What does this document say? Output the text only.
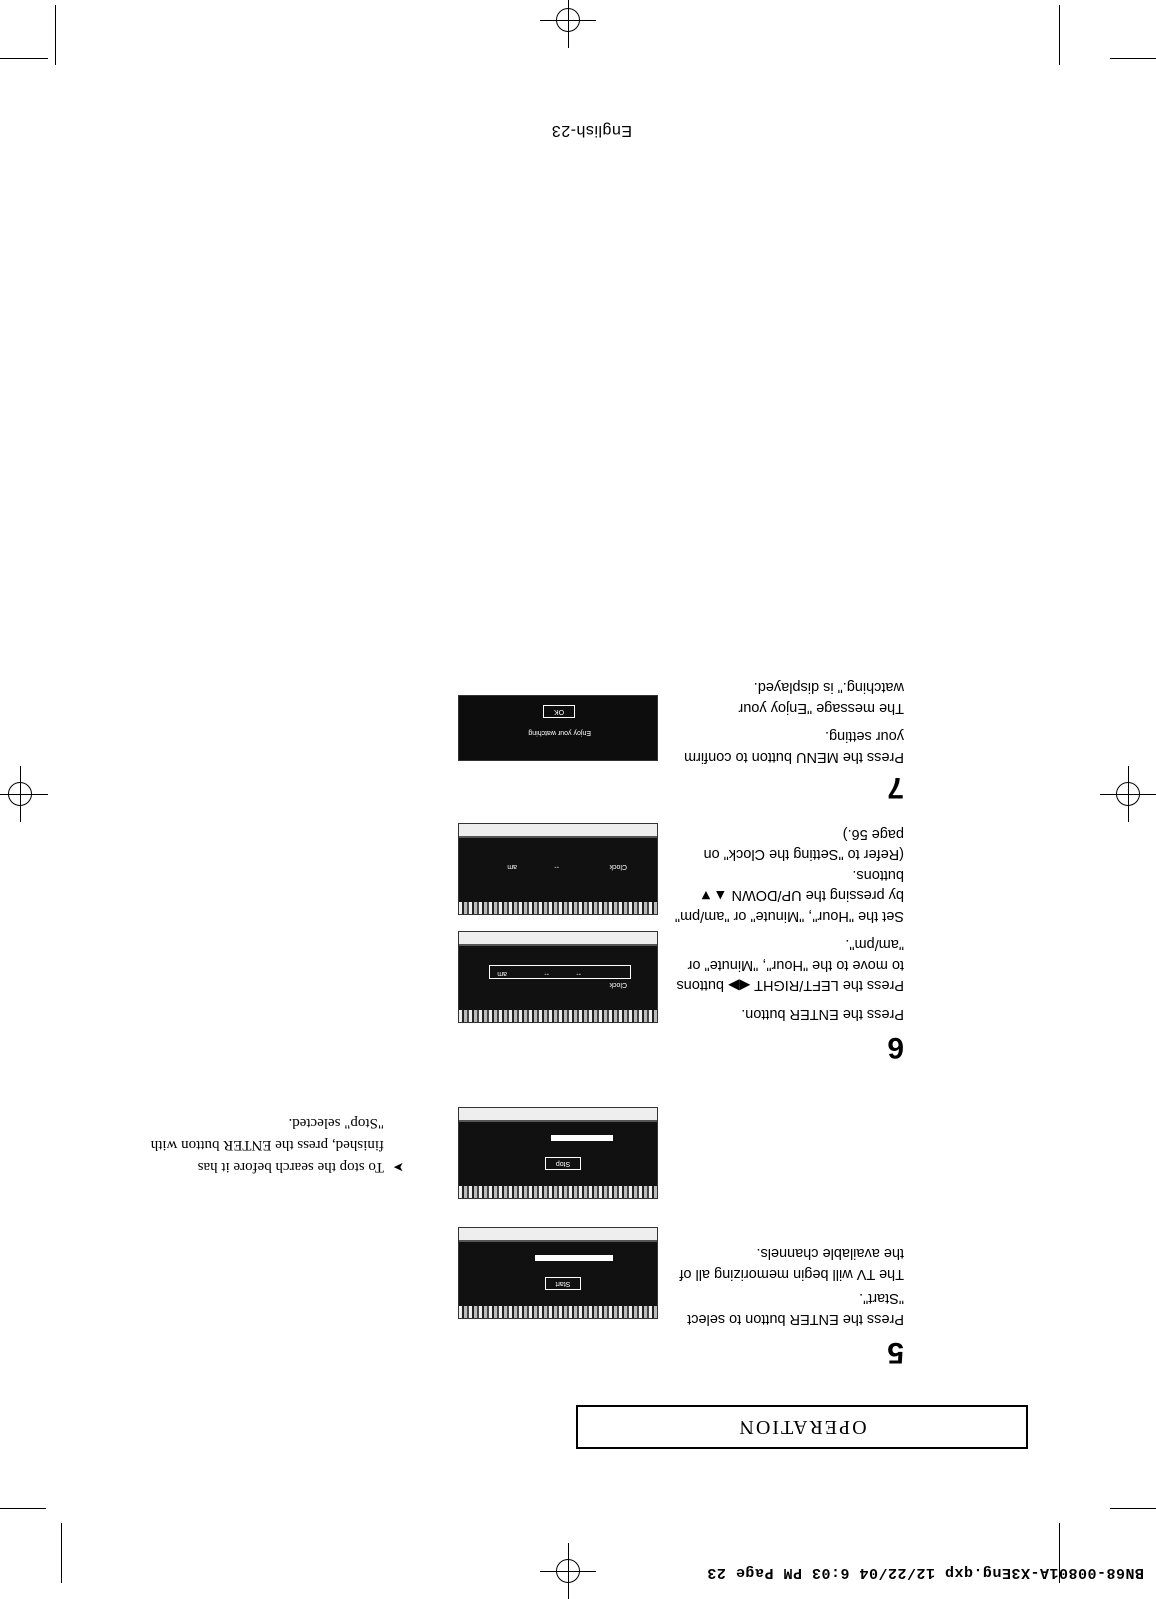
BN68-00801A-X3Eng.qxp 12/22/04 6:03 PM Page 23
OPERATION
5

Press the ENTER button to select "Start".

The TV will begin memorizing all of the available channels.

Start
Stop
➤
To stop the search before it has finished, press the ENTER button with "Stop" selected.
6

Press the ENTER button.

Press the LEFT/RIGHT ◀▶ buttons to move to the "Hour", "Minute" or "am/pm".

Set the "Hour", "Minute" or "am/pm" by pressing the UP/DOWN ▲▼ buttons.

(Refer to "Setting the Clock" on page 56.)

Clock
am	--	--
Clock
--
am
7

Press the MENU button to confirm your setting.

The message "Enjoy your watching." is displayed.

Enjoy your watching
OK
English-23
